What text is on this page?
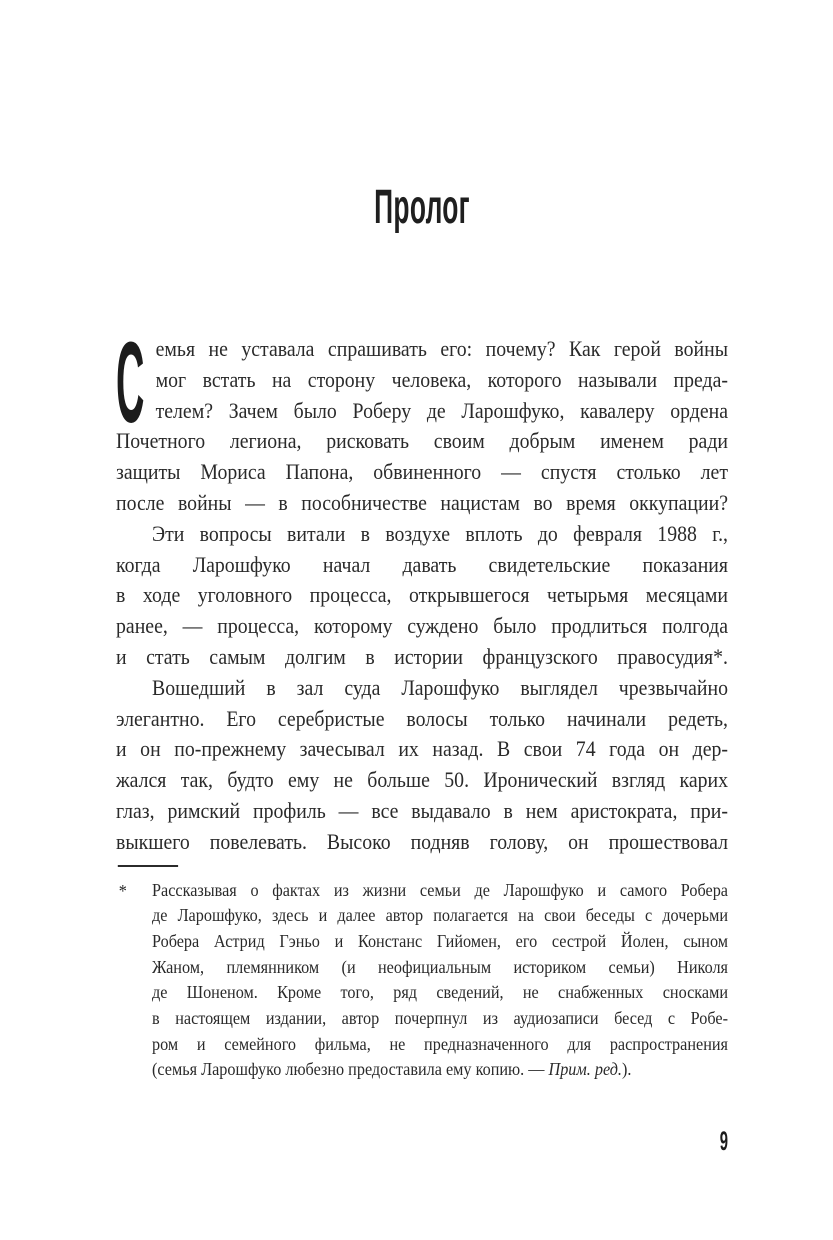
Пролог
С емья не уставала спрашивать его: почему? Как герой войны
мог встать на сторону человека, которого называли преда-
телем? Зачем было Роберу де Ларошфуко, кавалеру ордена
Почетного легиона, рисковать своим добрым именем ради
защиты Мориса Папона, обвиненного — спустя столько лет
после войны — в пособничестве нацистам во время оккупации?
Эти вопросы витали в воздухе вплоть до февраля 1988 г.,
когда Ларошфуко начал давать свидетельские показания
в ходе уголовного процесса, открывшегося четырьмя месяцами
ранее, — процесса, которому суждено было продлиться полгода
и стать самым долгим в истории французского правосудия*.
Вошедший в зал суда Ларошфуко выглядел чрезвычайно
элегантно. Его серебристые волосы только начинали редеть,
и он по-прежнему зачесывал их назад. В свои 74 года он дер-
жался так, будто ему не больше 50. Иронический взгляд карих
глаз, римский профиль — все выдавало в нем аристократа, при-
выкшего повелевать. Высоко подняв голову, он прошествовал
* Рассказывая о фактах из жизни семьи де Ларошфуко и самого Робера
де Ларошфуко, здесь и далее автор полагается на свои беседы с дочерьми
Робера Астрид Гэньо и Констанс Гийомен, его сестрой Йолен, сыном
Жаном, племянником (и неофициальным историком семьи) Николя
де Шоненом. Кроме того, ряд сведений, не снабженных сносками
в настоящем издании, автор почерпнул из аудиозаписи бесед с Робе-
ром и семейного фильма, не предназначенного для распространения
(семья Ларошфуко любезно предоставила ему копию. — Прим. ред.).
9
